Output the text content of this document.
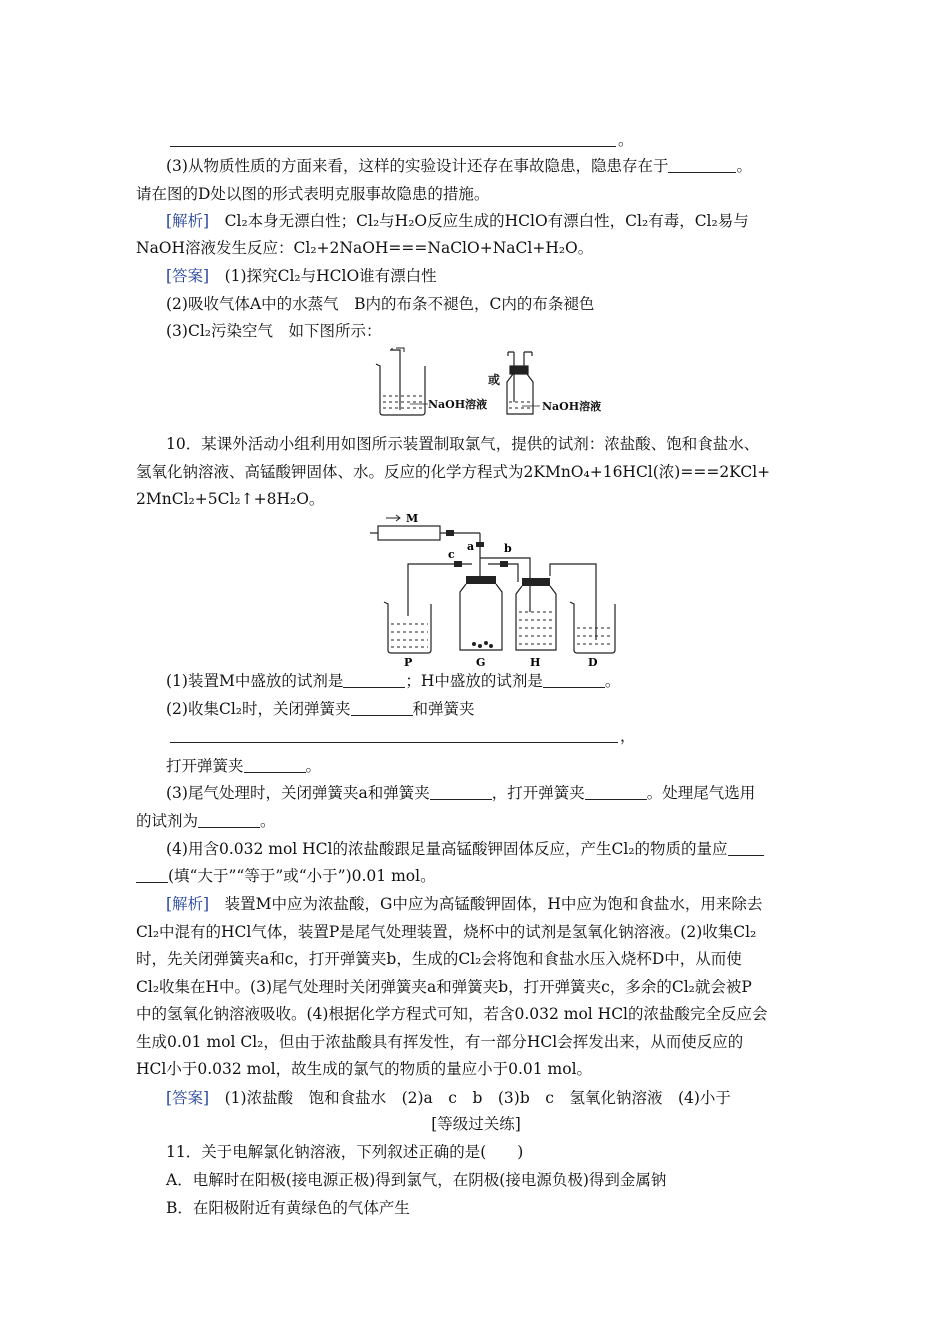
。
(3)从物质性质的方面来看，这样的实验设计还存在事故隐患，隐患存在于	。
请在图的D处以图的形式表明克服事故隐患的措施。
[解析]　 Cl₂本身无漂白性；Cl₂与H₂O反应生成的HClO有漂白性，Cl₂有毒，Cl₂易与
NaOH溶液发生反应：Cl₂+2NaOH===NaClO+NaCl+H₂O。
[答案]　 (1)探究Cl₂与HClO谁有漂白性
(2)吸收气体A中的水蒸气　B内的布条不褪色，C内的布条褪色
(3)Cl₂污染空气　如下图所示：
NaOH溶液
或
NaOH溶液
10．某课外活动小组利用如图所示装置制取氯气，提供的试剂：浓盐酸、饱和食盐水、
氢氧化钠溶液、高锰酸钾固体、水。反应的化学方程式为2KMnO₄+16HCl(浓)===2KCl+
2MnCl₂+5Cl₂↑+8H₂O。
M
a
c	b
P	G	H	D
(1)装置M中盛放的试剂是	；H中盛放的试剂是	。
(2)收集Cl₂时，关闭弹簧夹	和弹簧夹
，
打开弹簧夹	。
(3)尾气处理时，关闭弹簧夹a和弹簧夹	，打开弹簧夹	。处理尾气选用
的试剂为	。
(4)用含0.032 mol HCl的浓盐酸跟足量高锰酸钾固体反应，产生Cl₂的物质的量应
(填“大于”“等于”或“小于”)0.01 mol。
[解析]　 装置M中应为浓盐酸，G中应为高锰酸钾固体，H中应为饱和食盐水，用来除去
Cl₂中混有的HCl气体，装置P是尾气处理装置，烧杯中的试剂是氢氧化钠溶液。(2)收集Cl₂
时，先关闭弹簧夹a和c，打开弹簧夹b，生成的Cl₂会将饱和食盐水压入烧杯D中，从而使
Cl₂收集在H中。(3)尾气处理时关闭弹簧夹a和弹簧夹b，打开弹簧夹c，多余的Cl₂就会被P
中的氢氧化钠溶液吸收。(4)根据化学方程式可知，若含0.032 mol HCl的浓盐酸完全反应会
生成0.01 mol Cl₂，但由于浓盐酸具有挥发性，有一部分HCl会挥发出来，从而使反应的
HCl小于0.032 mol，故生成的氯气的物质的量应小于0.01 mol。
[答案]　 (1)浓盐酸　饱和食盐水　(2)a　c　b　(3)b　c　氢氧化钠溶液　(4)小于
[等级过关练]
11．关于电解氯化钠溶液，下列叙述正确的是(　　)
A．电解时在阳极(接电源正极)得到氯气，在阴极(接电源负极)得到金属钠
B．在阳极附近有黄绿色的气体产生
